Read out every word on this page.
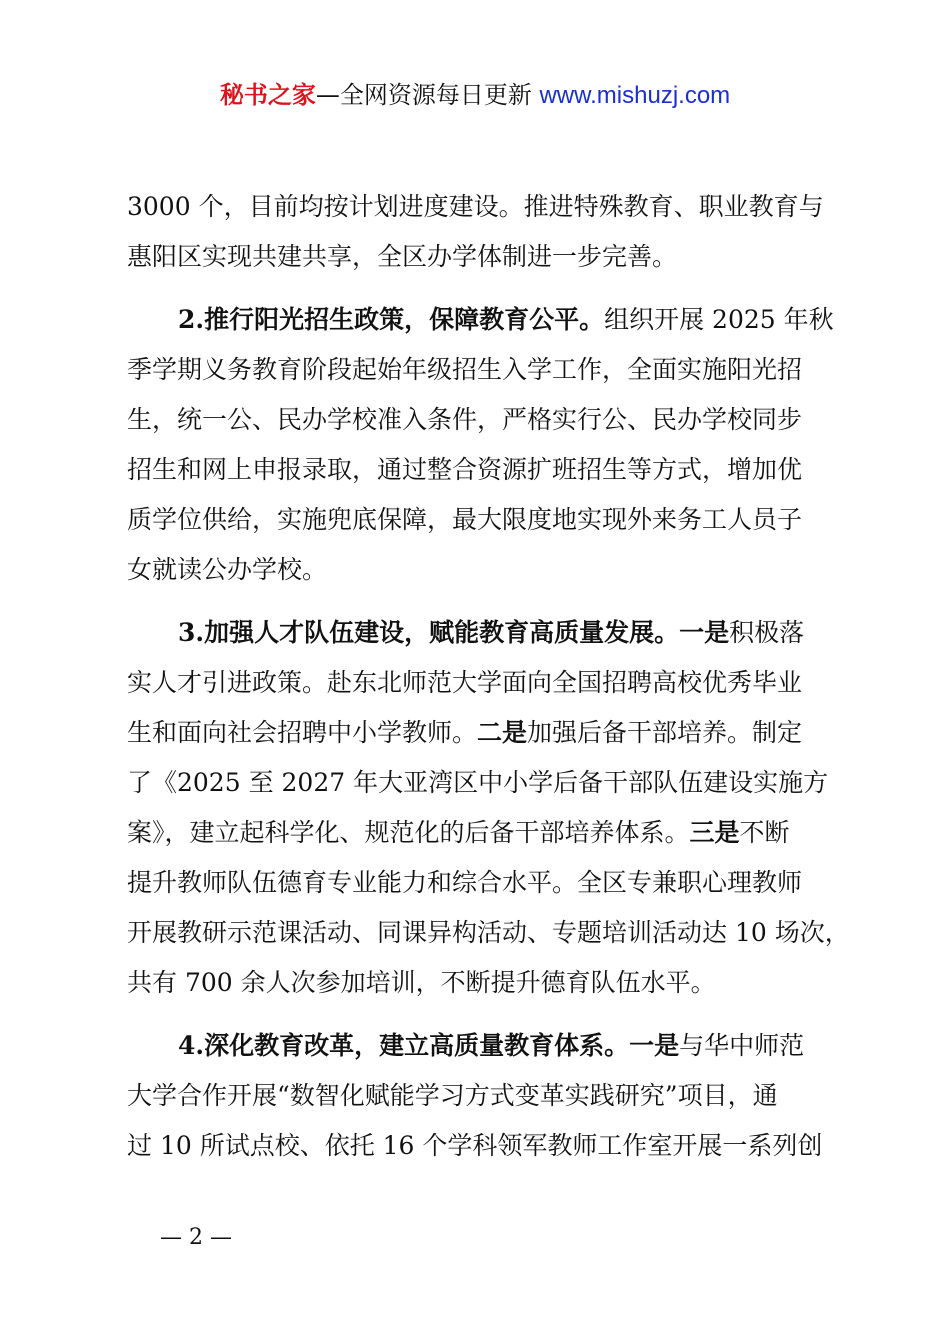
秘书之家—全网资源每日更新 www.mishuzj.com
3000 个，目前均按计划进度建设。推进特殊教育、职业教育与
惠阳区实现共建共享，全区办学体制进一步完善。
2.推行阳光招生政策，保障教育公平。组织开展 2025 年秋
季学期义务教育阶段起始年级招生入学工作，全面实施阳光招
生，统一公、民办学校准入条件，严格实行公、民办学校同步
招生和网上申报录取，通过整合资源扩班招生等方式，增加优
质学位供给，实施兜底保障，最大限度地实现外来务工人员子
女就读公办学校。
3.加强人才队伍建设，赋能教育高质量发展。一是积极落
实人才引进政策。赴东北师范大学面向全国招聘高校优秀毕业
生和面向社会招聘中小学教师。二是加强后备干部培养。制定
了《2025 至 2027 年大亚湾区中小学后备干部队伍建设实施方
案》，建立起科学化、规范化的后备干部培养体系。三是不断
提升教师队伍德育专业能力和综合水平。全区专兼职心理教师
开展教研示范课活动、同课异构活动、专题培训活动达 10 场次，
共有 700 余人次参加培训，不断提升德育队伍水平。
4.深化教育改革，建立高质量教育体系。一是与华中师范
大学合作开展“数智化赋能学习方式变革实践研究”项目，通
过 10 所试点校、依托 16 个学科领军教师工作室开展一系列创
— 2 —
